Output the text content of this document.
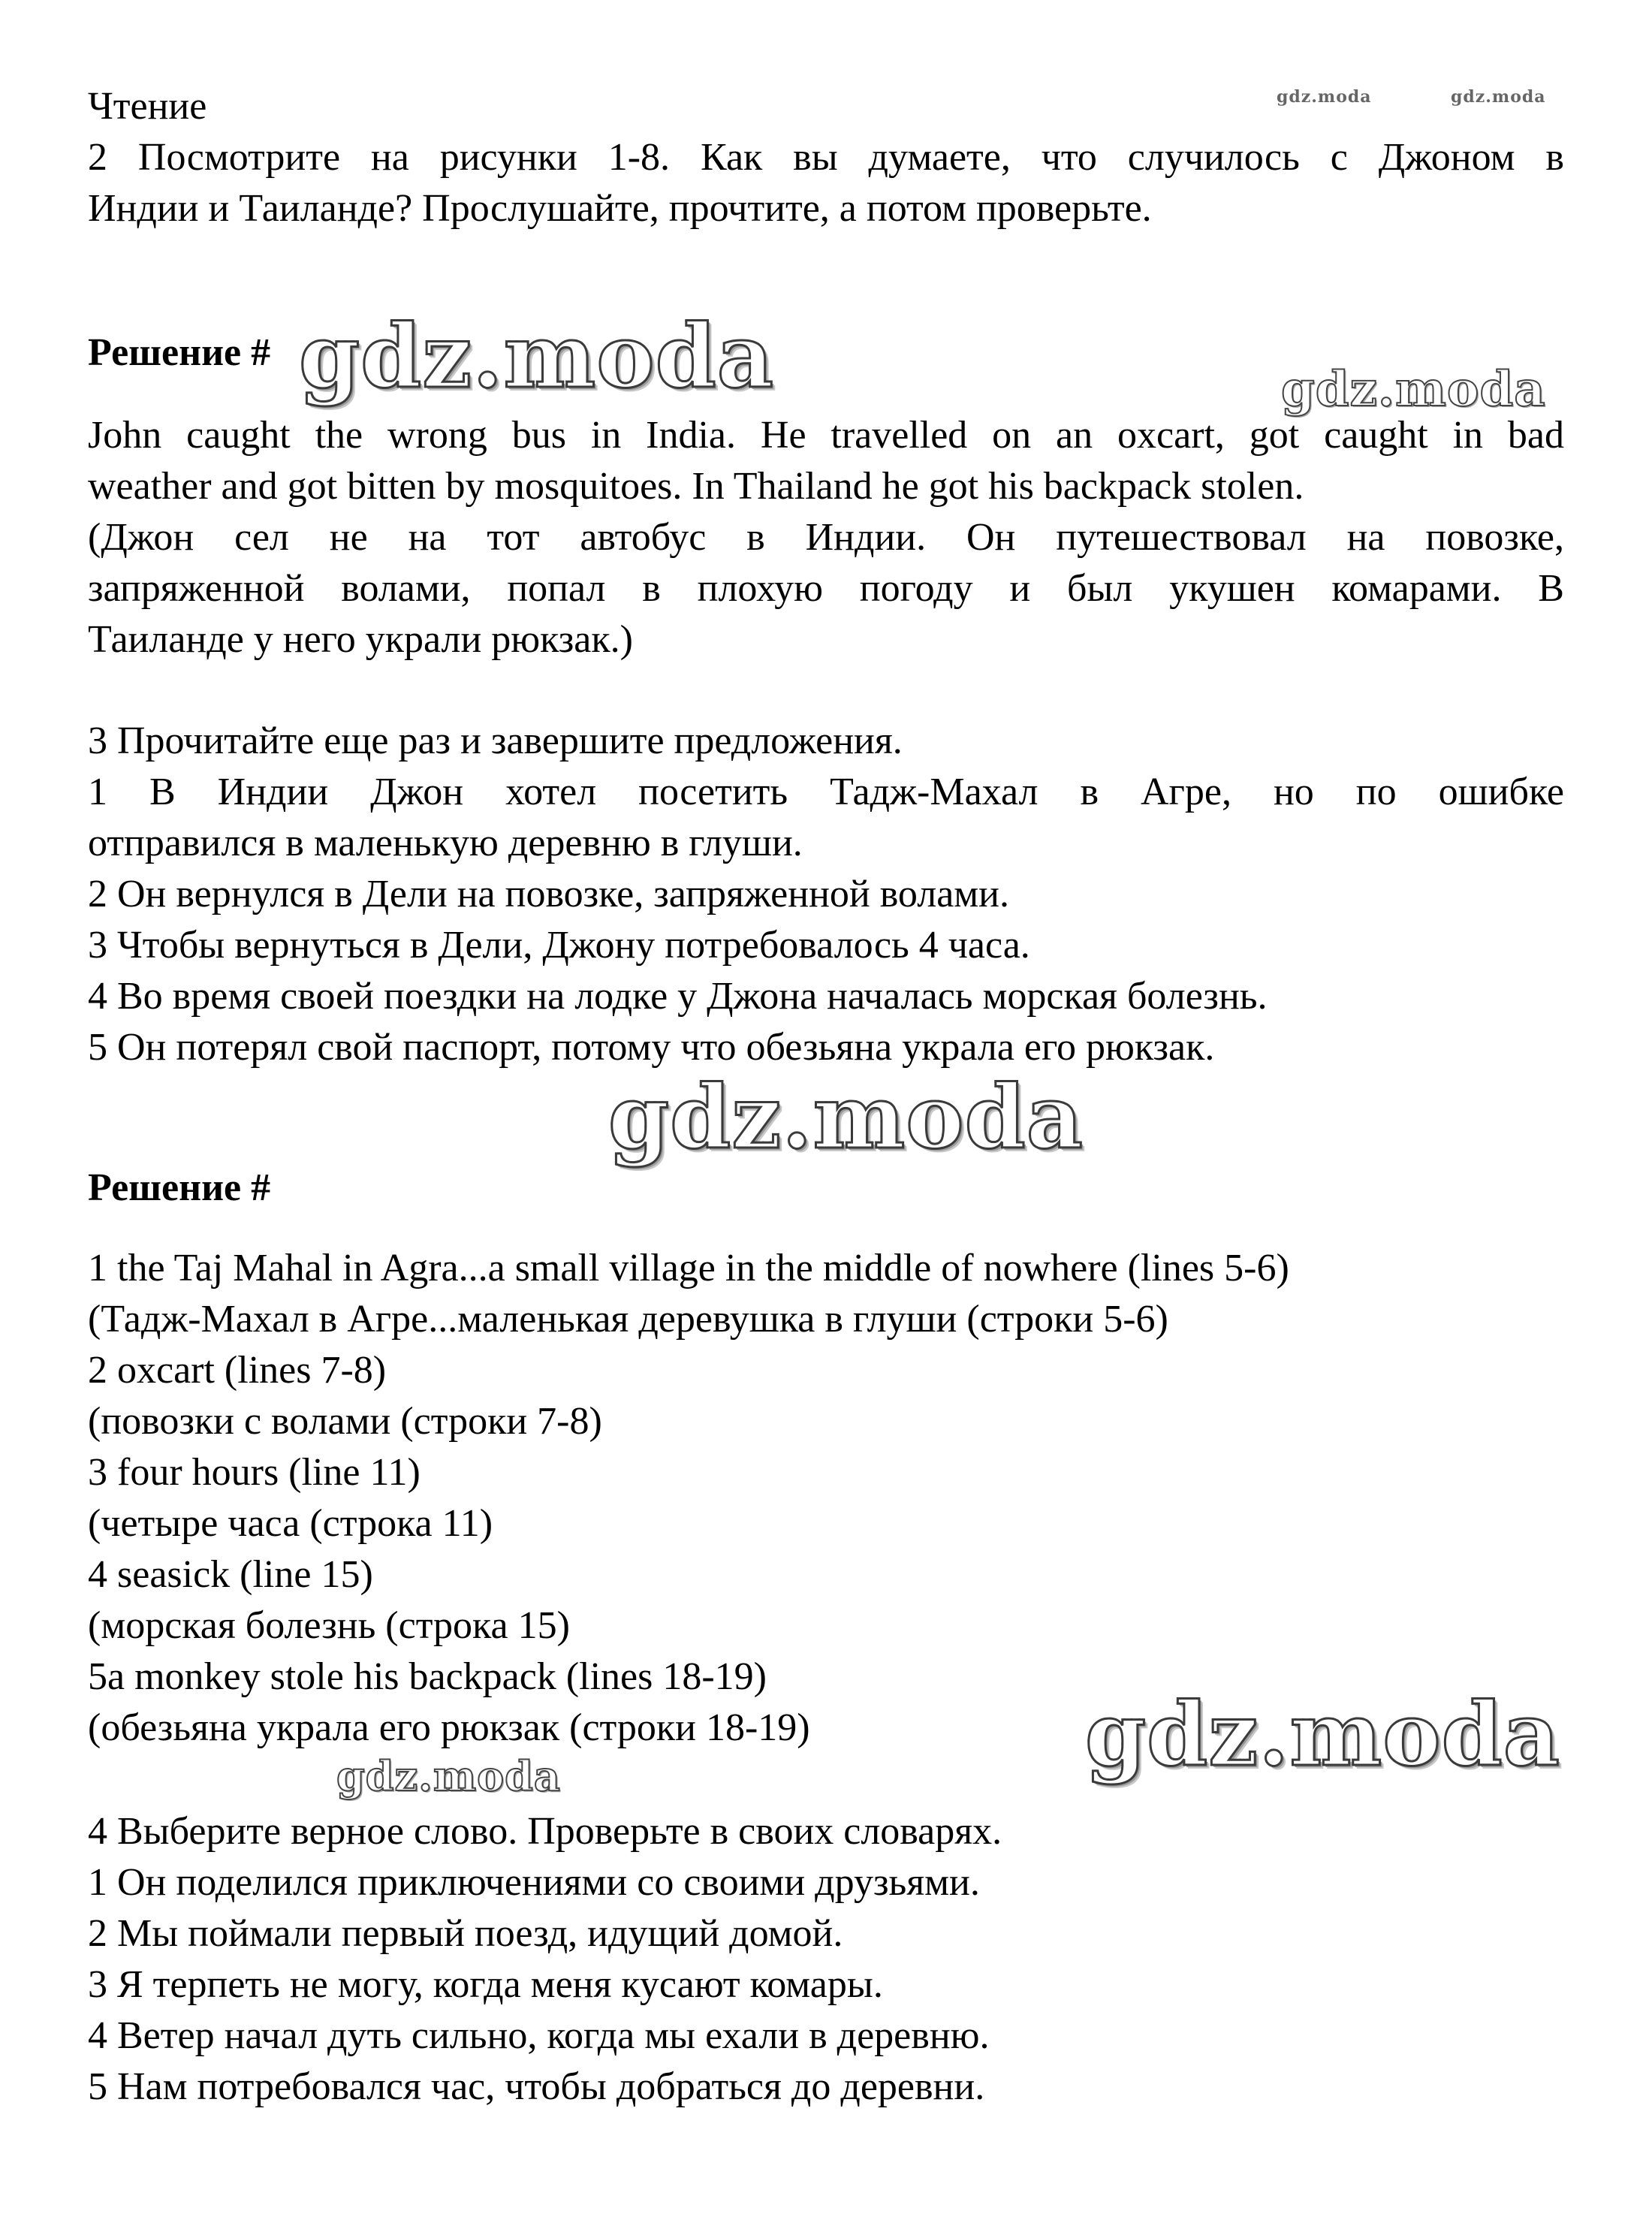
gdz.moda	gdz.moda
Чтение
2 Посмотрите на рисунки 1-8. Как вы думаете, что случилось с Джоном в
Индии и Таиланде? Прослушайте, прочтите, а потом проверьте.
Решение # gdz.moda	gdz.moda
John caught the wrong bus in India. He travelled on an oxcart, got caught in bad
weather and got bitten by mosquitoes. In Thailand he got his backpack stolen.
(Джон сел не на тот автобус в Индии. Он путешествовал на повозке,
запряженной волами, попал в плохую погоду и был укушен комарами. В
Таиланде у него украли рюкзак.)
3 Прочитайте еще раз и завершите предложения.
1 В Индии Джон хотел посетить Тадж-Махал в Агре, но по ошибке
отправился в маленькую деревню в глуши.
2 Он вернулся в Дели на повозке, запряженной волами.
3 Чтобы вернуться в Дели, Джону потребовалось 4 часа.
4 Во время своей поездки на лодке у Джона началась морская болезнь.
5 Он потерял свой паспорт, потому что обезьяна украла его рюкзак.
gdz.moda
Решение #
1 the Taj Mahal in Agra...a small village in the middle of nowhere (lines 5-6)
(Тадж-Махал в Агре...маленькая деревушка в глуши (строки 5-6)
2 oxcart (lines 7-8)
(повозки с волами (строки 7-8)
3 four hours (line 11)
(четыре часа (строка 11)
4 seasick (line 15)
(морская болезнь (строка 15)
5a monkey stole his backpack (lines 18-19)
(обезьяна украла его рюкзак (строки 18-19)	gdz.moda
gdz.moda
4 Выберите верное слово. Проверьте в своих словарях.
1 Он поделился приключениями со своими друзьями.
2 Мы поймали первый поезд, идущий домой.
3 Я терпеть не могу, когда меня кусают комары.
4 Ветер начал дуть сильно, когда мы ехали в деревню.
5 Нам потребовался час, чтобы добраться до деревни.
